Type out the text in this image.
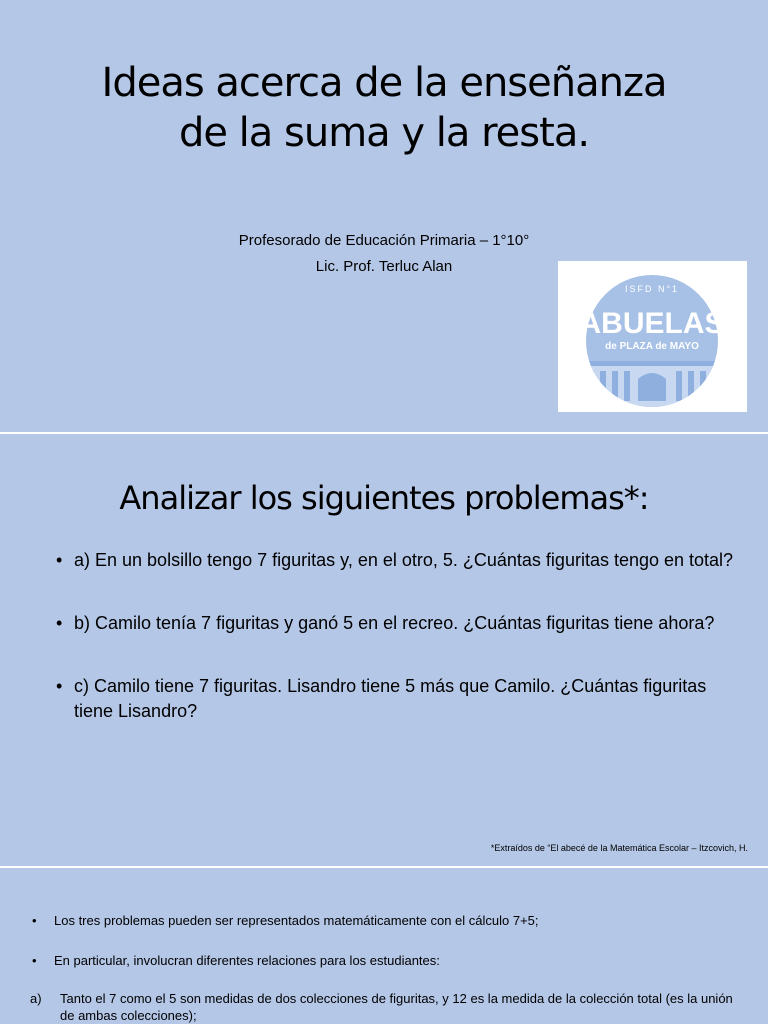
Ideas acerca de la enseñanza
de la suma y la resta.
Profesorado de Educación Primaria – 1°10°
Lic. Prof. Terluc Alan
ISFD N°1
ABUELAS
de PLAZA de MAYO
Analizar los siguientes problemas*:
• a) En un bolsillo tengo 7 figuritas y, en el otro, 5. ¿Cuántas figuritas tengo en total?
• b) Camilo tenía 7 figuritas y ganó 5 en el recreo. ¿Cuántas figuritas tiene ahora?
• c) Camilo tiene 7 figuritas. Lisandro tiene 5 más que Camilo. ¿Cuántas figuritas tiene Lisandro?
*Extraídos de “El abecé de la Matemática Escolar – Itzcovich, H.
• Los tres problemas pueden ser representados matemáticamente con el cálculo 7+5;
• En particular, involucran diferentes relaciones para los estudiantes:

a)	Tanto el 7 como el 5 son medidas de dos colecciones de figuritas, y 12 es la medida de la colección total (es la unión de ambas colecciones);
